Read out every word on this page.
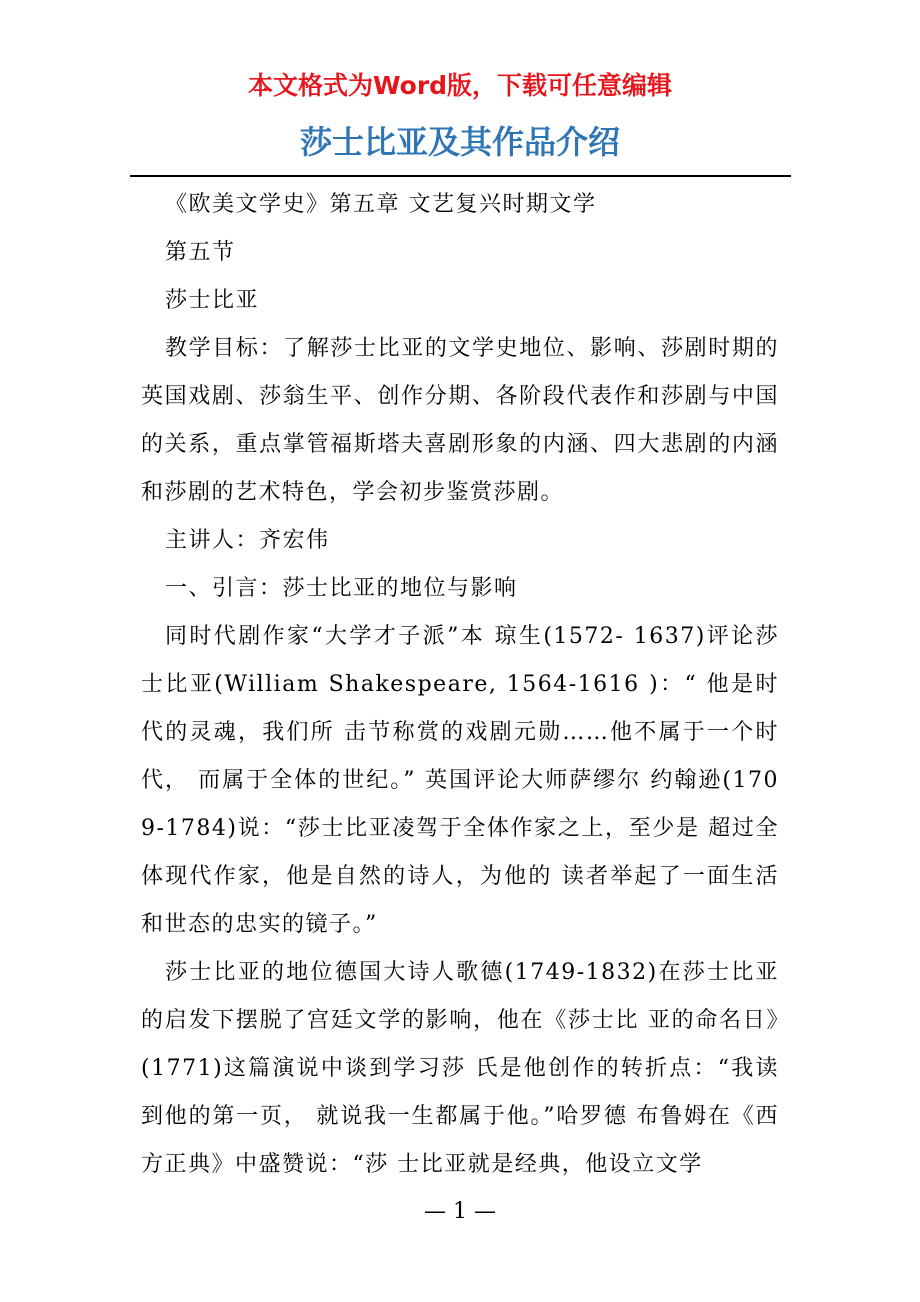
本文格式为Word版，下载可任意编辑
莎士比亚及其作品介绍

《欧美文学史》第五章 文艺复兴时期文学

第五节

莎士比亚

教学目标：了解莎士比亚的文学史地位、影响、莎剧时期的英国戏剧、莎翁生平、创作分期、各阶段代表作和莎剧与中国的关系，重点掌管福斯塔夫喜剧形象的内涵、四大悲剧的内涵和莎剧的艺术特色，学会初步鉴赏莎剧。

主讲人：齐宏伟

一、引言：莎士比亚的地位与影响

同时代剧作家“大学才子派”本 琼生(1572- 1637)评论莎士比亚(William Shakespeare, 1564-1616 )：“ 他是时代的灵魂，我们所 击节称赏的戏剧元勋……他不属于一个时代， 而属于全体的世纪。” 英国评论大师萨缪尔 约翰逊(1709-1784)说：“莎士比亚凌驾于全体作家之上，至少是 超过全体现代作家，他是自然的诗人，为他的 读者举起了一面生活和世态的忠实的镜子。”

莎士比亚的地位德国大诗人歌德(1749-1832)在莎士比亚的启发下摆脱了宫廷文学的影响，他在《莎士比 亚的命名日》(1771)这篇演说中谈到学习莎 氏是他创作的转折点：“我读到他的第一页， 就说我一生都属于他。”哈罗德 布鲁姆在《西方正典》中盛赞说：“莎 士比亚就是经典，他设立文学

— 1 —
